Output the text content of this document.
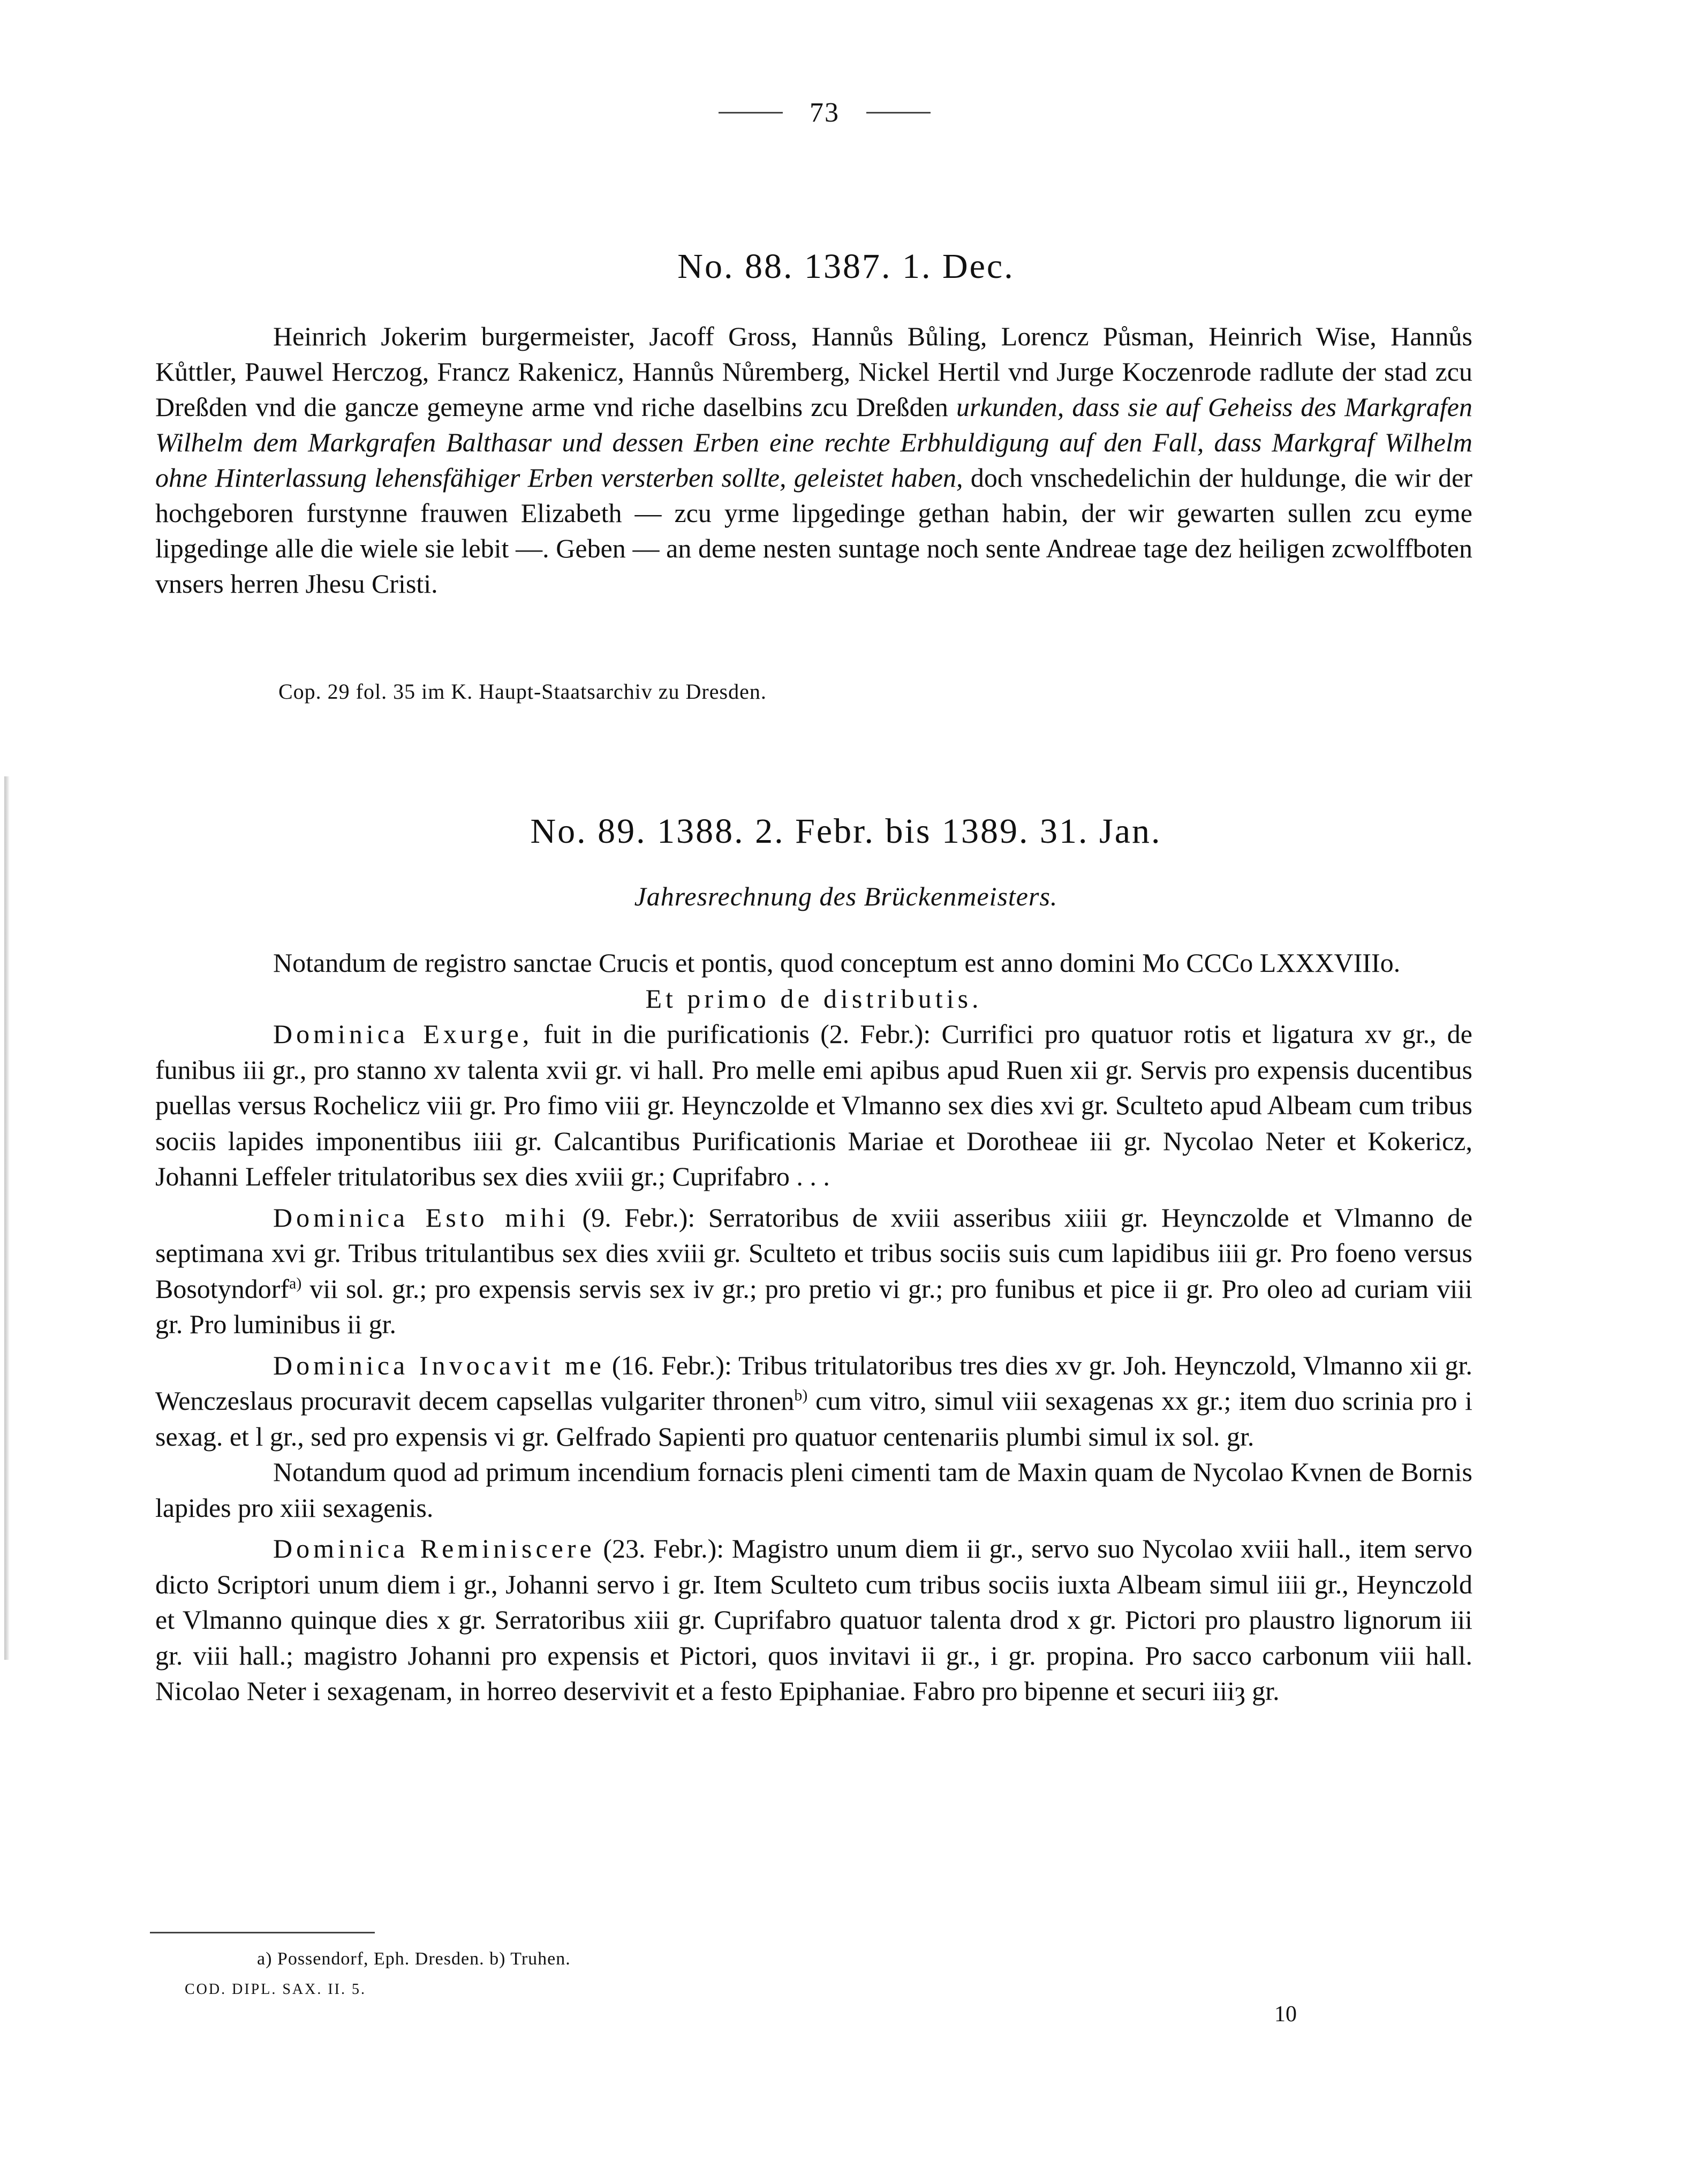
73
No. 88. 1387. 1. Dec.

Heinrich Jokerim burgermeister, Jacoff Gross, Hannůs Bůling, Lorencz Půsman, Heinrich Wise, Hannůs Kůttler, Pauwel Herczog, Francz Rakenicz, Hannůs Nůremberg, Nickel Hertil vnd Jurge Koczenrode radlute der stad zcu Dreßden vnd die gancze gemeyne arme vnd riche daselbins zcu Dreßden urkunden, dass sie auf Geheiss des Markgrafen Wilhelm dem Markgrafen Balthasar und dessen Erben eine rechte Erbhuldigung auf den Fall, dass Markgraf Wilhelm ohne Hinterlassung lehensfähiger Erben versterben sollte, geleistet haben, doch vnschedelichin der huldunge, die wir der hochgeboren furstynne frauwen Elizabeth — zcu yrme lipgedinge gethan habin, der wir gewarten sullen zcu eyme lipgedinge alle die wiele sie lebit —. Geben — an deme nesten suntage noch sente Andreae tage dez heiligen zcwolffboten vnsers herren Jhesu Cristi.

Cop. 29 fol. 35 im K. Haupt-Staatsarchiv zu Dresden.
No. 89. 1388. 2. Febr. bis 1389. 31. Jan.
Jahresrechnung des Brückenmeisters.

Notandum de registro sanctae Crucis et pontis, quod conceptum est anno domini Mo CCCo LXXXVIIIo.

Et primo de distributis.

Dominica Exurge, fuit in die purificationis (2. Febr.): Currifici pro quatuor rotis et ligatura xv gr., de funibus iii gr., pro stanno xv talenta xvii gr. vi hall. Pro melle emi apibus apud Ruen xii gr. Servis pro expensis ducentibus puellas versus Rochelicz viii gr. Pro fimo viii gr. Heynczolde et Vlmanno sex dies xvi gr. Sculteto apud Albeam cum tribus sociis lapides imponentibus iiii gr. Calcantibus Purificationis Mariae et Dorotheae iii gr. Nycolao Neter et Kokericz, Johanni Leffeler tritulatoribus sex dies xviii gr.; Cuprifabro . . .

Dominica Esto mihi (9. Febr.): Serratoribus de xviii asseribus xiiii gr. Heynczolde et Vlmanno de septimana xvi gr. Tribus tritulantibus sex dies xviii gr. Sculteto et tribus sociis suis cum lapidibus iiii gr. Pro foeno versus Bosotyndorf$^{a)}$ vii sol. gr.; pro expensis servis sex iv gr.; pro pretio vi gr.; pro funibus et pice ii gr. Pro oleo ad curiam viii gr. Pro luminibus ii gr.

Dominica Invocavit me (16. Febr.): Tribus tritulatoribus tres dies xv gr. Joh. Heynczold, Vlmanno xii gr. Wenczeslaus procuravit decem capsellas vulgariter thronen$^{b)}$ cum vitro, simul viii sexagenas xx gr.; item duo scrinia pro i sexag. et l gr., sed pro expensis vi gr. Gelfrado Sapienti pro quatuor centenariis plumbi simul ix sol. gr.

Notandum quod ad primum incendium fornacis pleni cimenti tam de Maxin quam de Nycolao Kvnen de Bornis lapides pro xiii sexagenis.

Dominica Reminiscere (23. Febr.): Magistro unum diem ii gr., servo suo Nycolao xviii hall., item servo dicto Scriptori unum diem i gr., Johanni servo i gr. Item Sculteto cum tribus sociis iuxta Albeam simul iiii gr., Heynczold et Vlmanno quinque dies x gr. Serratoribus xiii gr. Cuprifabro quatuor talenta drod x gr. Pictori pro plaustro lignorum iii gr. viii hall.; magistro Johanni pro expensis et Pictori, quos invitavi ii gr., i gr. propina. Pro sacco carbonum viii hall. Nicolao Neter i sexagenam, in horreo deservivit et a festo Epiphaniae. Fabro pro bipenne et securi iiiȝ gr.

a) Possendorf, Eph. Dresden. b) Truhen.
COD. DIPL. SAX. II. 5.
10
